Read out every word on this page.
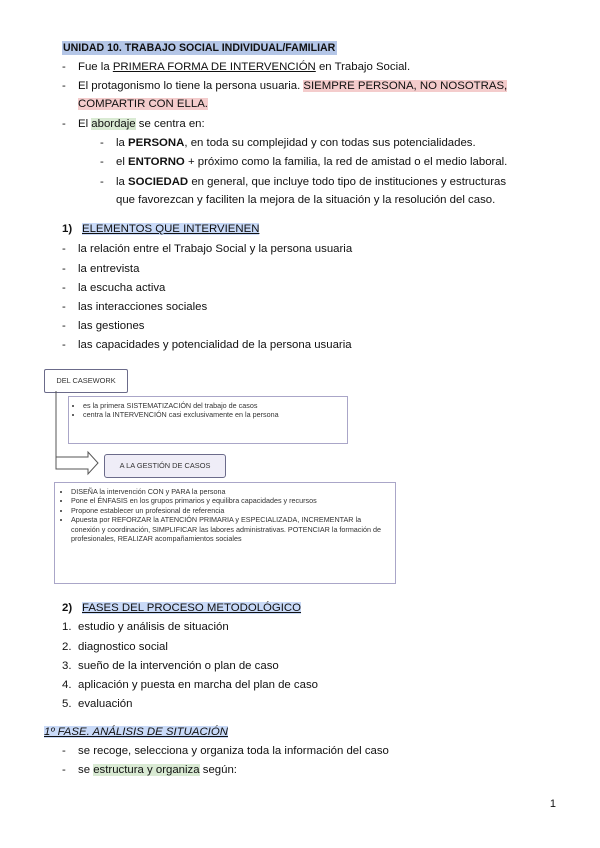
UNIDAD 10. TRABAJO SOCIAL INDIVIDUAL/FAMILIAR
- Fue la PRIMERA FORMA DE INTERVENCIÓN en Trabajo Social.
- El protagonismo lo tiene la persona usuaria. SIEMPRE PERSONA, NO NOSOTRAS,
COMPARTIR CON ELLA.
- El abordaje se centra en:
- la PERSONA, en toda su complejidad y con todas sus potencialidades.
- el ENTORNO + próximo como la familia, la red de amistad o el medio laboral.
- la SOCIEDAD en general, que incluye todo tipo de instituciones y estructuras
que favorezcan y faciliten la mejora de la situación y la resolución del caso.
1) ELEMENTOS QUE INTERVIENEN
- la relación entre el Trabajo Social y la persona usuaria
- la entrevista
- la escucha activa
- las interacciones sociales
- las gestiones
- las capacidades y potencialidad de la persona usuaria
DEL CASEWORK
• es la primera SISTEMATIZACIÓN del trabajo de casos
• centra la INTERVENCIÓN casi exclusivamente en la persona
A LA GESTIÓN DE CASOS
• DISEÑA la intervención CON y PARA la persona
• Pone el ÉNFASIS en los grupos primarios y equilibra capacidades y recursos
• Propone establecer un profesional de referencia
• Apuesta por REFORZAR la ATENCIÓN PRIMARIA y ESPECIALIZADA, INCREMENTAR la conexión y coordinación, SIMPLIFICAR las labores administrativas. POTENCIAR la formación de profesionales, REALIZAR acompañamientos sociales
2) FASES DEL PROCESO METODOLÓGICO
1. estudio y análisis de situación
2. diagnostico social
3. sueño de la intervención o plan de caso
4. aplicación y puesta en marcha del plan de caso
5. evaluación
1º FASE. ANÁLISIS DE SITUACIÓN
- se recoge, selecciona y organiza toda la información del caso
- se estructura y organiza según:
1
